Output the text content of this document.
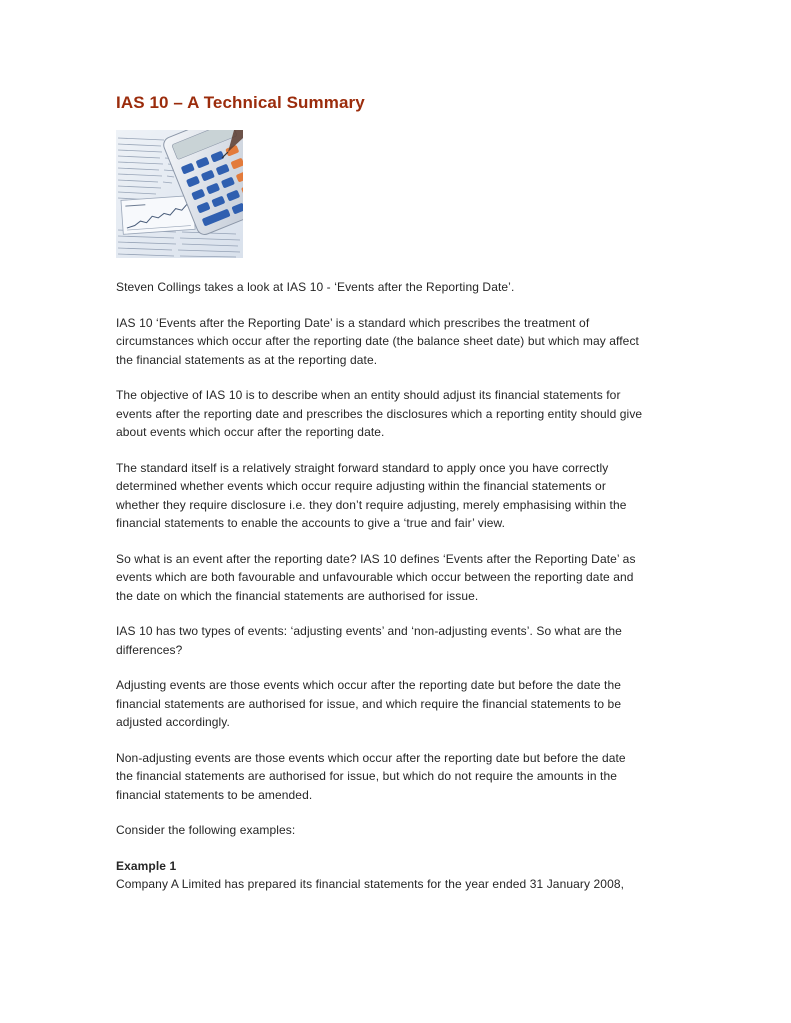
IAS 10 – A Technical Summary

Steven Collings takes a look at IAS 10 - ‘Events after the Reporting Date’.

IAS 10 ‘Events after the Reporting Date’ is a standard which prescribes the treatment of
circumstances which occur after the reporting date (the balance sheet date) but which may affect
the financial statements as at the reporting date.

The objective of IAS 10 is to describe when an entity should adjust its financial statements for
events after the reporting date and prescribes the disclosures which a reporting entity should give
about events which occur after the reporting date.

The standard itself is a relatively straight forward standard to apply once you have correctly
determined whether events which occur require adjusting within the financial statements or
whether they require disclosure i.e. they don’t require adjusting, merely emphasising within the
financial statements to enable the accounts to give a ‘true and fair’ view.

So what is an event after the reporting date? IAS 10 defines ‘Events after the Reporting Date’ as
events which are both favourable and unfavourable which occur between the reporting date and
the date on which the financial statements are authorised for issue.

IAS 10 has two types of events: ‘adjusting events’ and ‘non-adjusting events’. So what are the
differences?

Adjusting events are those events which occur after the reporting date but before the date the
financial statements are authorised for issue, and which require the financial statements to be
adjusted accordingly.

Non-adjusting events are those events which occur after the reporting date but before the date
the financial statements are authorised for issue, but which do not require the amounts in the
financial statements to be amended.

Consider the following examples:

Example 1
Company A Limited has prepared its financial statements for the year ended 31 January 2008,
